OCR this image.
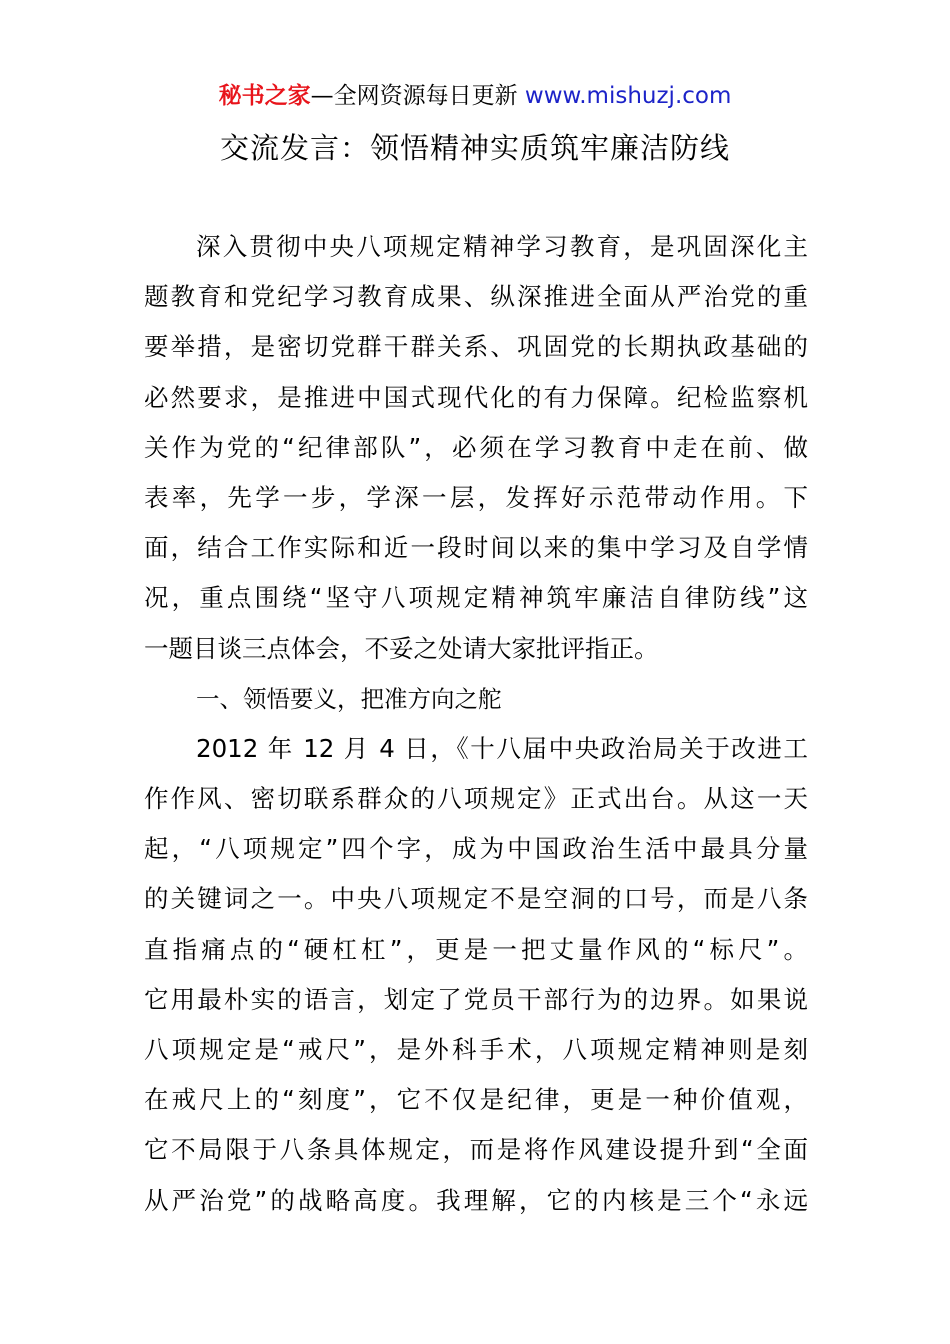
秘书之家—全网资源每日更新 www.mishuzj.com
交流发言：领悟精神实质筑牢廉洁防线
深入贯彻中央八项规定精神学习教育，是巩固深化主
题教育和党纪学习教育成果、纵深推进全面从严治党的重
要举措，是密切党群干群关系、巩固党的长期执政基础的
必然要求，是推进中国式现代化的有力保障。纪检监察机
关作为党的“纪律部队”，必须在学习教育中走在前、做
表率，先学一步，学深一层，发挥好示范带动作用。下
面，结合工作实际和近一段时间以来的集中学习及自学情
况，重点围绕“坚守八项规定精神筑牢廉洁自律防线”这
一题目谈三点体会，不妥之处请大家批评指正。
一、领悟要义，把准方向之舵
2012 年 12 月 4 日，《十八届中央政治局关于改进工
作作风、密切联系群众的八项规定》正式出台。从这一天
起，“八项规定”四个字，成为中国政治生活中最具分量
的关键词之一。中央八项规定不是空洞的口号，而是八条
直指痛点的“硬杠杠”，更是一把丈量作风的“标尺”。
它用最朴实的语言，划定了党员干部行为的边界。如果说
八项规定是“戒尺”，是外科手术，八项规定精神则是刻
在戒尺上的“刻度”，它不仅是纪律，更是一种价值观，
它不局限于八条具体规定，而是将作风建设提升到“全面
从严治党”的战略高度。我理解，它的内核是三个“永远
